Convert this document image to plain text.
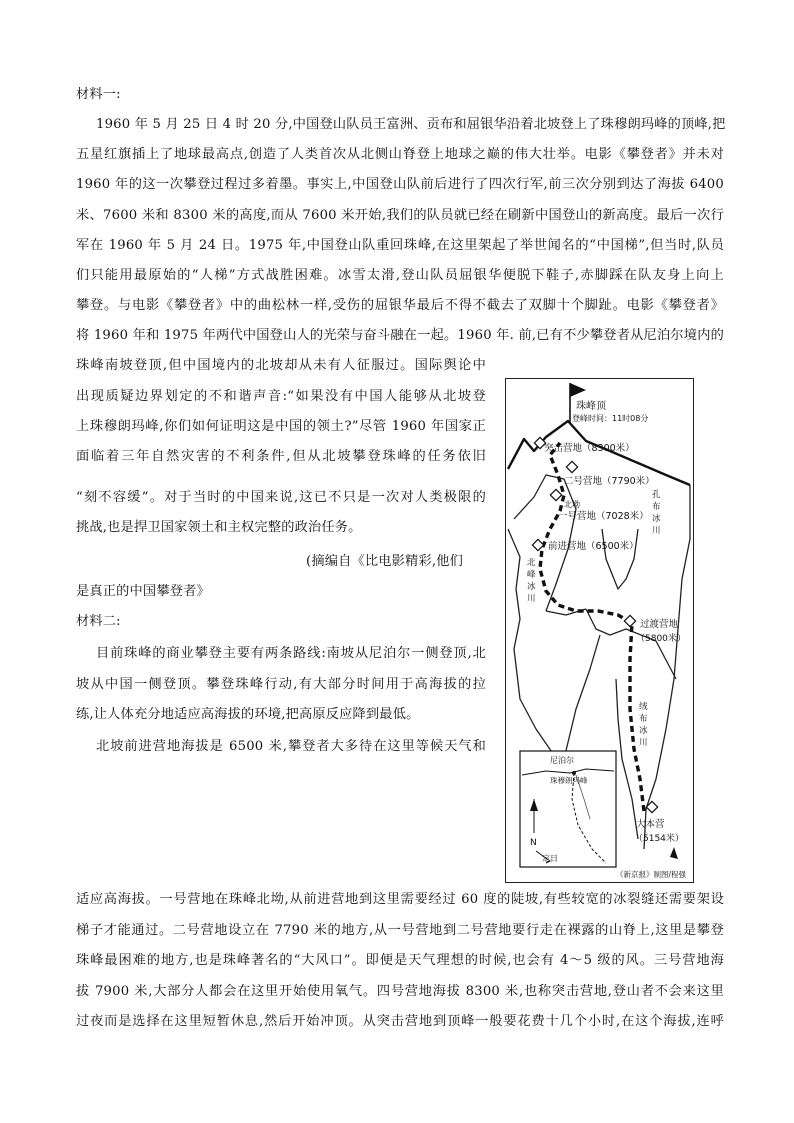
材料一:
1960 年 5 月 25 日 4 时 20 分,中国登山队员王富洲、贡布和屈银华沿着北坡登上了珠穆朗玛峰的顶峰,把
五星红旗插上了地球最高点,创造了人类首次从北侧山脊登上地球之巅的伟大壮举。电影《攀登者》并未对
1960 年的这一次攀登过程过多着墨。事实上,中国登山队前后进行了四次行军,前三次分别到达了海拔 6400
米、7600 米和 8300 米的高度,而从 7600 米开始,我们的队员就已经在刷新中国登山的新高度。最后一次行
军在 1960 年 5 月 24 日。1975 年,中国登山队重回珠峰,在这里架起了举世闻名的“中国梯”,但当时,队员
们只能用最原始的“人梯”方式战胜困难。冰雪太滑,登山队员屈银华便脱下鞋子,赤脚踩在队友身上向上
攀登。与电影《攀登者》中的曲松林一样,受伤的屈银华最后不得不截去了双脚十个脚趾。电影《攀登者》
将 1960 年和 1975 年两代中国登山人的光荣与奋斗融在一起。1960 年. 前,已有不少攀登者从尼泊尔境内的
珠峰南坡登顶,但中国境内的北坡却从未有人征服过。国际舆论中
出现质疑边界划定的不和谐声音:“如果没有中国人能够从北坡登
上珠穆朗玛峰,你们如何证明这是中国的领土?”尽管 1960 年国家正
面临着三年自然灾害的不利条件,但从北坡攀登珠峰的任务依旧
“刻不容缓”。对于当时的中国来说,这已不只是一次对人类极限的
挑战,也是捍卫国家领土和主权完整的政治任务。
(摘编自《比电影精彩,他们
是真正的中国攀登者》
材料二:
目前珠峰的商业攀登主要有两条路线:南坡从尼泊尔一侧登顶,北
坡从中国一侧登顶。攀登珠峰行动,有大部分时间用于高海拔的拉
练,让人体充分地适应高海拔的环境,把高原反应降到最低。
北坡前进营地海拔是 6500 米,攀登者大多待在这里等候天气和
适应高海拔。一号营地在珠峰北坳,从前进营地到这里需要经过 60 度的陡坡,有些较宽的冰裂缝还需要架设
梯子才能通过。二号营地设立在 7790 米的地方,从一号营地到二号营地要行走在裸露的山脊上,这里是攀登
珠峰最困难的地方,也是珠峰著名的“大风口”。即便是天气理想的时候,也会有 4～5 级的风。三号营地海
拔 7900 米,大部分人都会在这里开始使用氧气。四号营地海拔 8300 米,也称突击营地,登山者不会来这里
过夜而是选择在这里短暂休息,然后开始冲顶。从突击营地到顶峰一般要花费十几个小时,在这个海拔,连呼
珠峰顶
登峰时间：11时08分
突击营地（8300米）
二号营地（7790米）
北坳
一号营地（7028米）
前进营地（6500米）
孔
布
冰
川
北
峰
冰
川
过渡营地
（5800米）
绒
布
冰
川
大本营
（5154米）
尼泊尔
珠穆朗玛峰
N
定日
《新京报》制图/程强
